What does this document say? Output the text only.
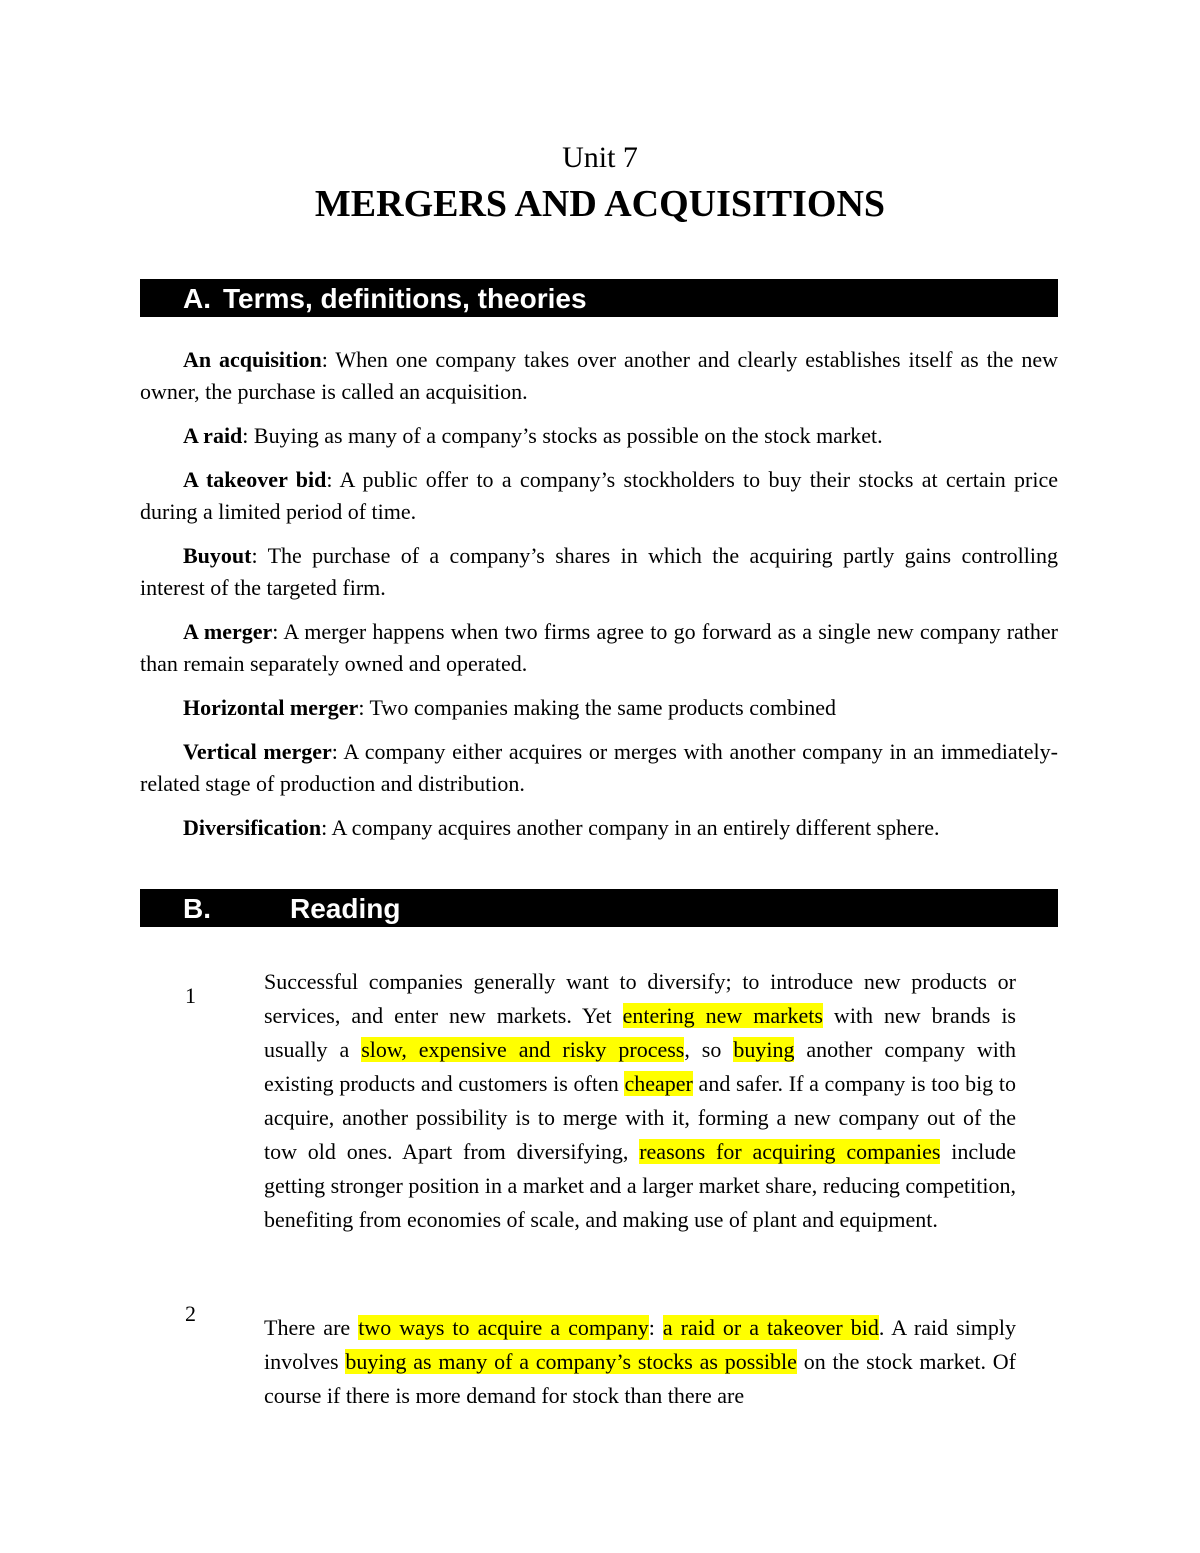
Unit 7
MERGERS AND ACQUISITIONS
A. Terms, definitions, theories

An acquisition: When one company takes over another and clearly establishes itself as the new owner, the purchase is called an acquisition.

A raid: Buying as many of a company’s stocks as possible on the stock market.

A takeover bid: A public offer to a company’s stockholders to buy their stocks at certain price during a limited period of time.

Buyout: The purchase of a company’s shares in which the acquiring partly gains controlling interest of the targeted firm.

A merger: A merger happens when two firms agree to go forward as a single new company rather than remain separately owned and operated.

Horizontal merger: Two companies making the same products combined

Vertical merger: A company either acquires or merges with another company in an immediately-related stage of production and distribution.

Diversification: A company acquires another company in an entirely different sphere.

B.	Reading
1
Successful companies generally want to diversify; to introduce new products or services, and enter new markets. Yet entering new markets with new brands is usually a slow, expensive and risky process, so buying another company with existing products and customers is often cheaper and safer. If a company is too big to acquire, another possibility is to merge with it, forming a new company out of the tow old ones. Apart from diversifying, reasons for acquiring companies include getting stronger position in a market and a larger market share, reducing competition, benefiting from economies of scale, and making use of plant and equipment.
2
There are two ways to acquire a company: a raid or a takeover bid. A raid simply involves buying as many of a company’s stocks as possible on the stock market. Of course if there is more demand for stock than there are
